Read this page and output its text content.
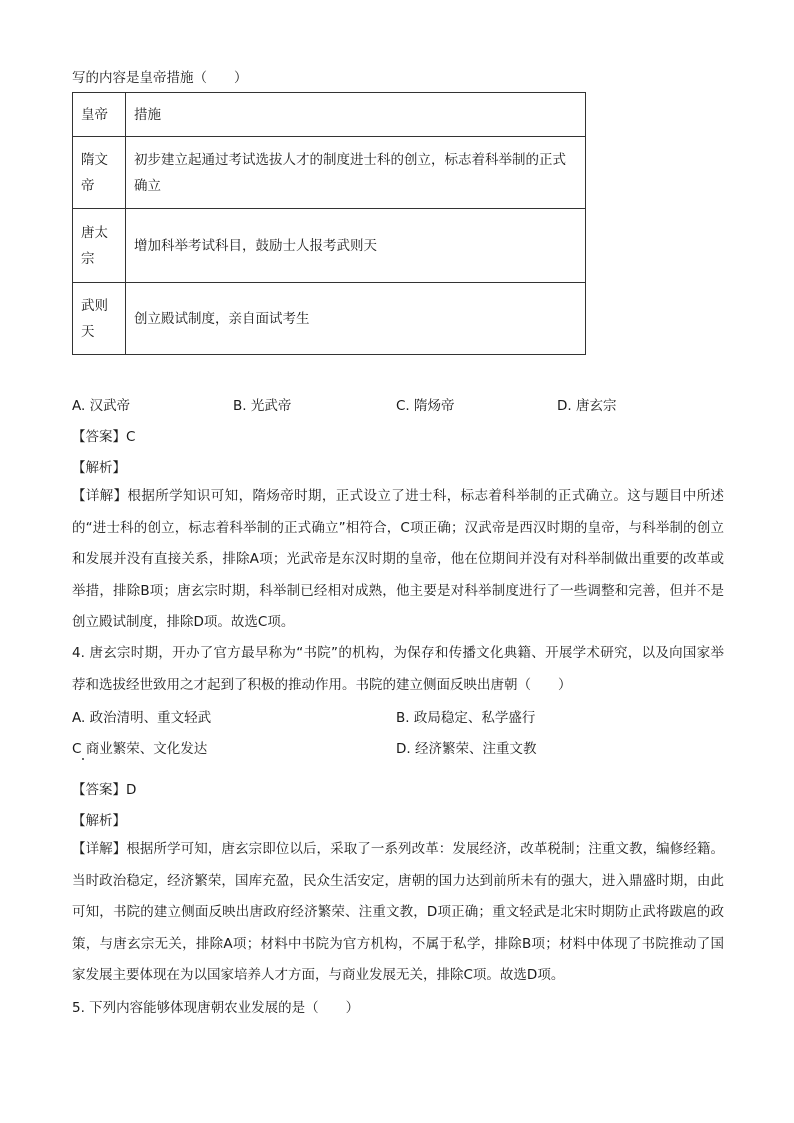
写的内容是皇帝措施（　　）
皇帝	措施
隋文帝	初步建立起通过考试选拔人才的制度进士科的创立，标志着科举制的正式确立
唐太宗	增加科举考试科目，鼓励士人报考武则天
武则天	创立殿试制度，亲自面试考生
A. 汉武帝	B. 光武帝	C. 隋炀帝	D. 唐玄宗
【答案】C
【解析】
【详解】根据所学知识可知，隋炀帝时期，正式设立了进士科，标志着科举制的正式确立。这与题目中所述的“进士科的创立，标志着科举制的正式确立”相符合，C项正确；汉武帝是西汉时期的皇帝，与科举制的创立和发展并没有直接关系，排除A项；光武帝是东汉时期的皇帝，他在位期间并没有对科举制做出重要的改革或举措，排除B项；唐玄宗时期，科举制已经相对成熟，他主要是对科举制度进行了一些调整和完善，但并不是创立殿试制度，排除D项。故选C项。
4. 唐玄宗时期，开办了官方最早称为“书院”的机构，为保存和传播文化典籍、开展学术研究，以及向国家举荐和选拔经世致用之才起到了积极的推动作用。书院的建立侧面反映出唐朝（　　）
A. 政治清明、重文轻武	B. 政局稳定、私学盛行
C 商业繁荣、文化发达	D. 经济繁荣、注重文教
【答案】D
【解析】
【详解】根据所学可知，唐玄宗即位以后，采取了一系列改革：发展经济，改革税制；注重文教，编修经籍。当时政治稳定，经济繁荣，国库充盈，民众生活安定，唐朝的国力达到前所未有的强大，进入鼎盛时期，由此可知，书院的建立侧面反映出唐政府经济繁荣、注重文教，D项正确；重文轻武是北宋时期防止武将跋扈的政策，与唐玄宗无关，排除A项；材料中书院为官方机构，不属于私学，排除B项；材料中体现了书院推动了国家发展主要体现在为以国家培养人才方面，与商业发展无关，排除C项。故选D项。
5. 下列内容能够体现唐朝农业发展的是（　　）
